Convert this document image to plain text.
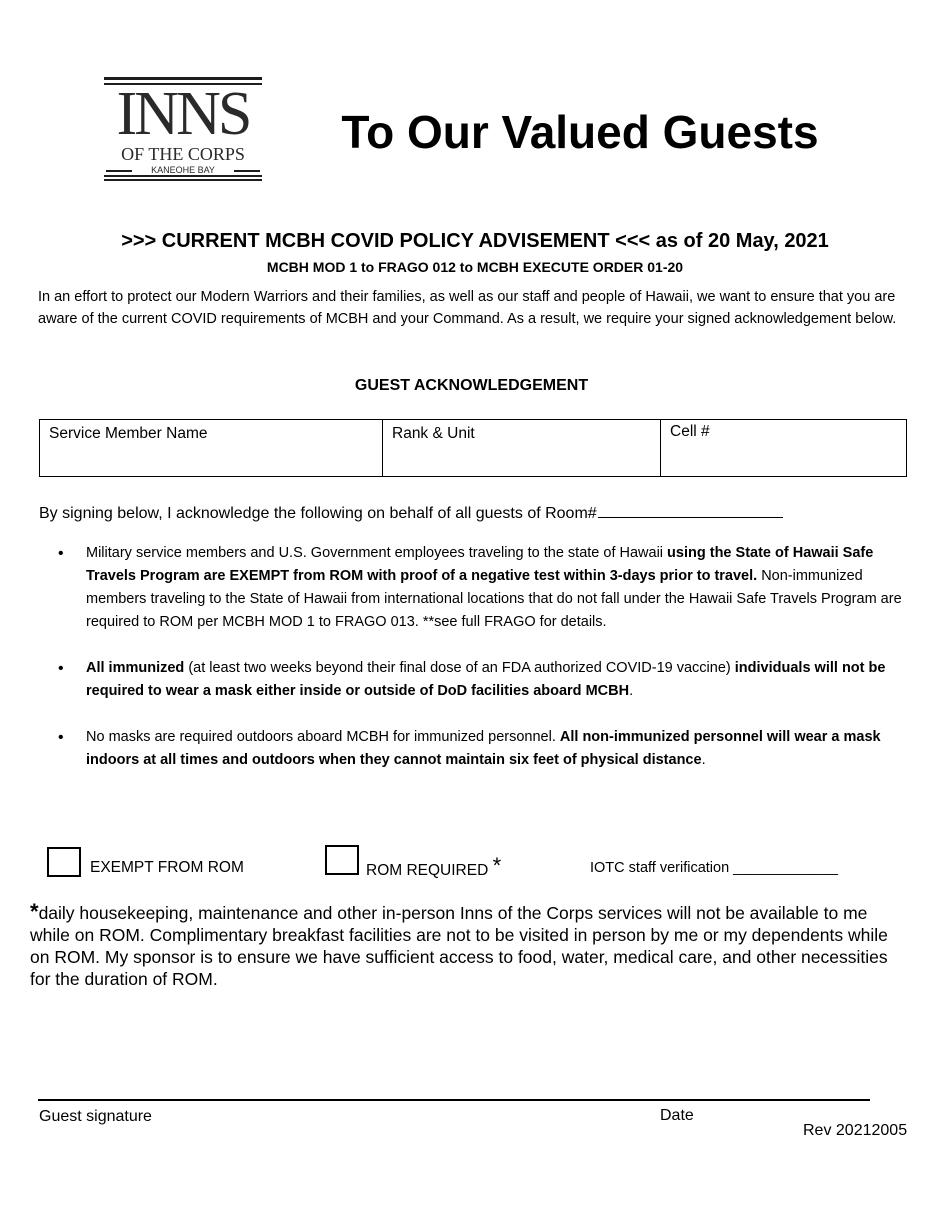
INNS
OF THE CORPS
KANEOHE BAY
To Our Valued Guests
>>> CURRENT MCBH COVID POLICY ADVISEMENT <<< as of 20 May, 2021
MCBH MOD 1 to FRAGO 012 to MCBH EXECUTE ORDER 01-20
In an effort to protect our Modern Warriors and their families, as well as our staff and people of Hawaii, we want to ensure that you are aware of the current COVID requirements of MCBH and your Command. As a result, we require your signed acknowledgement below.
GUEST ACKNOWLEDGEMENT
Service Member Name	Rank & Unit	Cell #
By signing below, I acknowledge the following on behalf of all guests of Room#
•	Military service members and U.S. Government employees traveling to the state of Hawaii using the State of Hawaii Safe Travels Program are EXEMPT from ROM with proof of a negative test within 3-days prior to travel. Non-immunized members traveling to the State of Hawaii from international locations that do not fall under the Hawaii Safe Travels Program are required to ROM per MCBH MOD 1 to FRAGO 013. **see full FRAGO for details.
•	All immunized (at least two weeks beyond their final dose of an FDA authorized COVID-19 vaccine) individuals will not be required to wear a mask either inside or outside of DoD facilities aboard MCBH.
•	No masks are required outdoors aboard MCBH for immunized personnel. All non-immunized personnel will wear a mask indoors at all times and outdoors when they cannot maintain six feet of physical distance.
EXEMPT FROM ROM	ROM REQUIRED *	IOTC staff verification _____________
*daily housekeeping, maintenance and other in-person Inns of the Corps services will not be available to me while on ROM. Complimentary breakfast facilities are not to be visited in person by me or my dependents while on ROM. My sponsor is to ensure we have sufficient access to food, water, medical care, and other necessities for the duration of ROM.
Guest signature	Date
Rev 20212005
